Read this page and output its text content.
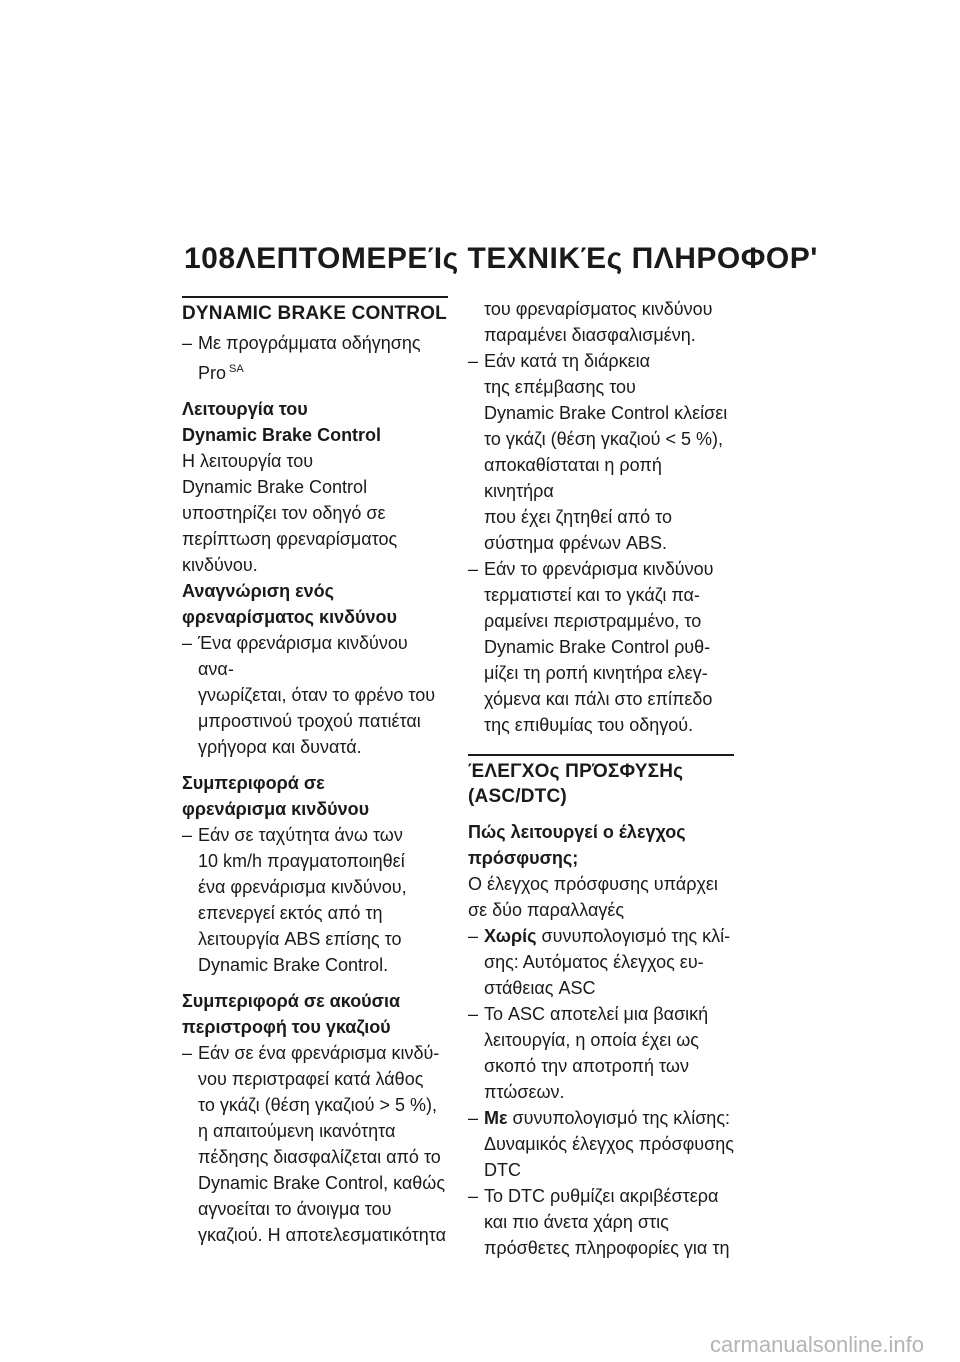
108 ΛΕΠΤΟΜΕΡΕΊς ΤΕΧΝΙΚΈς ΠΛΗΡΟΦΟΡ'
DYNAMIC BRAKE CONTROL
– Με προγράμματα οδήγησης
Pro $^{SA}$
Λειτουργία του
Dynamic Brake Control
Η λειτουργία του
Dynamic Brake Control
υποστηρίζει τον οδηγό σε
περίπτωση φρεναρίσματος
κινδύνου.
Αναγνώριση ενός
φρεναρίσματος κινδύνου
– Ένα φρενάρισμα κινδύνου ανα-
γνωρίζεται, όταν το φρένο του
μπροστινού τροχού πατιέται
γρήγορα και δυνατά.
Συμπεριφορά σε
φρενάρισμα κινδύνου
– Εάν σε ταχύτητα άνω των
10 km/h πραγματοποιηθεί
ένα φρενάρισμα κινδύνου,
επενεργεί εκτός από τη
λειτουργία ABS επίσης το
Dynamic Brake Control.
Συμπεριφορά σε ακούσια
περιστροφή του γκαζιού
– Εάν σε ένα φρενάρισμα κινδύ-
νου περιστραφεί κατά λάθος
το γκάζι (θέση γκαζιού > 5 %),
η απαιτούμενη ικανότητα
πέδησης διασφαλίζεται από το
Dynamic Brake Control, καθώς
αγνοείται το άνοιγμα του
γκαζιού. Η αποτελεσματικότητα
του φρεναρίσματος κινδύνου
παραμένει διασφαλισμένη.
– Εάν κατά τη διάρκεια
της επέμβασης του
Dynamic Brake Control κλείσει
το γκάζι (θέση γκαζιού < 5 %),
αποκαθίσταται η ροπή κινητήρα
που έχει ζητηθεί από το
σύστημα φρένων ABS.
– Εάν το φρενάρισμα κινδύνου
τερματιστεί και το γκάζι πα-
ραμείνει περιστραμμένο, το
Dynamic Brake Control ρυθ-
μίζει τη ροπή κινητήρα ελεγ-
χόμενα και πάλι στο επίπεδο
της επιθυμίας του οδηγού.
ΈΛΕΓΧΟς ΠΡΌΣΦΥΣΗς
(ASC/DTC)
Πώς λειτουργεί ο έλεγχος
πρόσφυσης;
Ο έλεγχος πρόσφυσης υπάρχει
σε δύο παραλλαγές
– Χωρίς συνυπολογισμό της κλί-
σης: Αυτόματος έλεγχος ευ-
στάθειας ASC
– Το ASC αποτελεί μια βασική
λειτουργία, η οποία έχει ως
σκοπό την αποτροπή των
πτώσεων.
– Με συνυπολογισμό της κλίσης:
Δυναμικός έλεγχος πρόσφυσης
DTC
– Το DTC ρυθμίζει ακριβέστερα
και πιο άνετα χάρη στις
πρόσθετες πληροφορίες για τη
carmanualsonline.info
